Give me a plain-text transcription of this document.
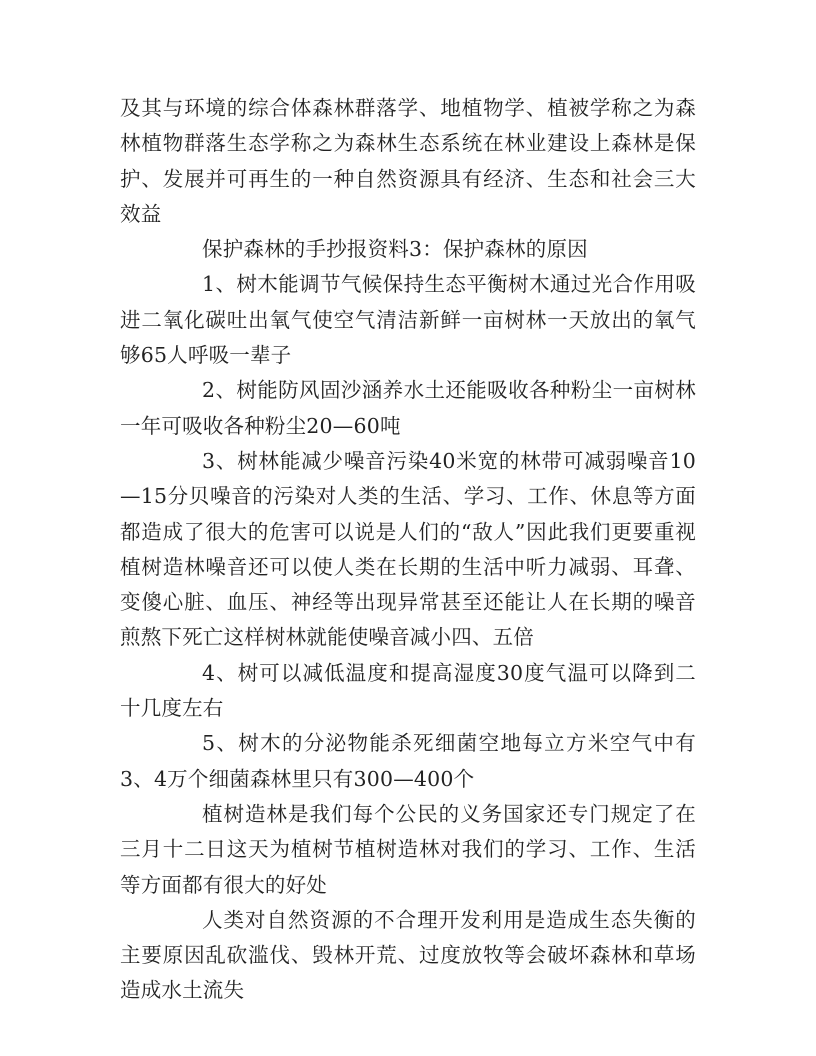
及其与环境的综合体森林群落学、地植物学、植被学称之为森林植物群落生态学称之为森林生态系统在林业建设上森林是保护、发展并可再生的一种自然资源具有经济、生态和社会三大效益

保护森林的手抄报资料3：保护森林的原因

1、树木能调节气候保持生态平衡树木通过光合作用吸进二氧化碳吐出氧气使空气清洁新鲜一亩树林一天放出的氧气够65人呼吸一辈子

2、树能防风固沙涵养水土还能吸收各种粉尘一亩树林一年可吸收各种粉尘20—60吨

3、树林能减少噪音污染40米宽的林带可减弱噪音10—15分贝噪音的污染对人类的生活、学习、工作、休息等方面都造成了很大的危害可以说是人们的“敌人”因此我们更要重视植树造林噪音还可以使人类在长期的生活中听力减弱、耳聋、变傻心脏、血压、神经等出现异常甚至还能让人在长期的噪音煎熬下死亡这样树林就能使噪音减小四、五倍

4、树可以减低温度和提高湿度30度气温可以降到二十几度左右

5、树木的分泌物能杀死细菌空地每立方米空气中有3、4万个细菌森林里只有300—400个

植树造林是我们每个公民的义务国家还专门规定了在三月十二日这天为植树节植树造林对我们的学习、工作、生活等方面都有很大的好处

人类对自然资源的不合理开发利用是造成生态失衡的主要原因乱砍滥伐、毁林开荒、过度放牧等会破坏森林和草场造成水土流失
